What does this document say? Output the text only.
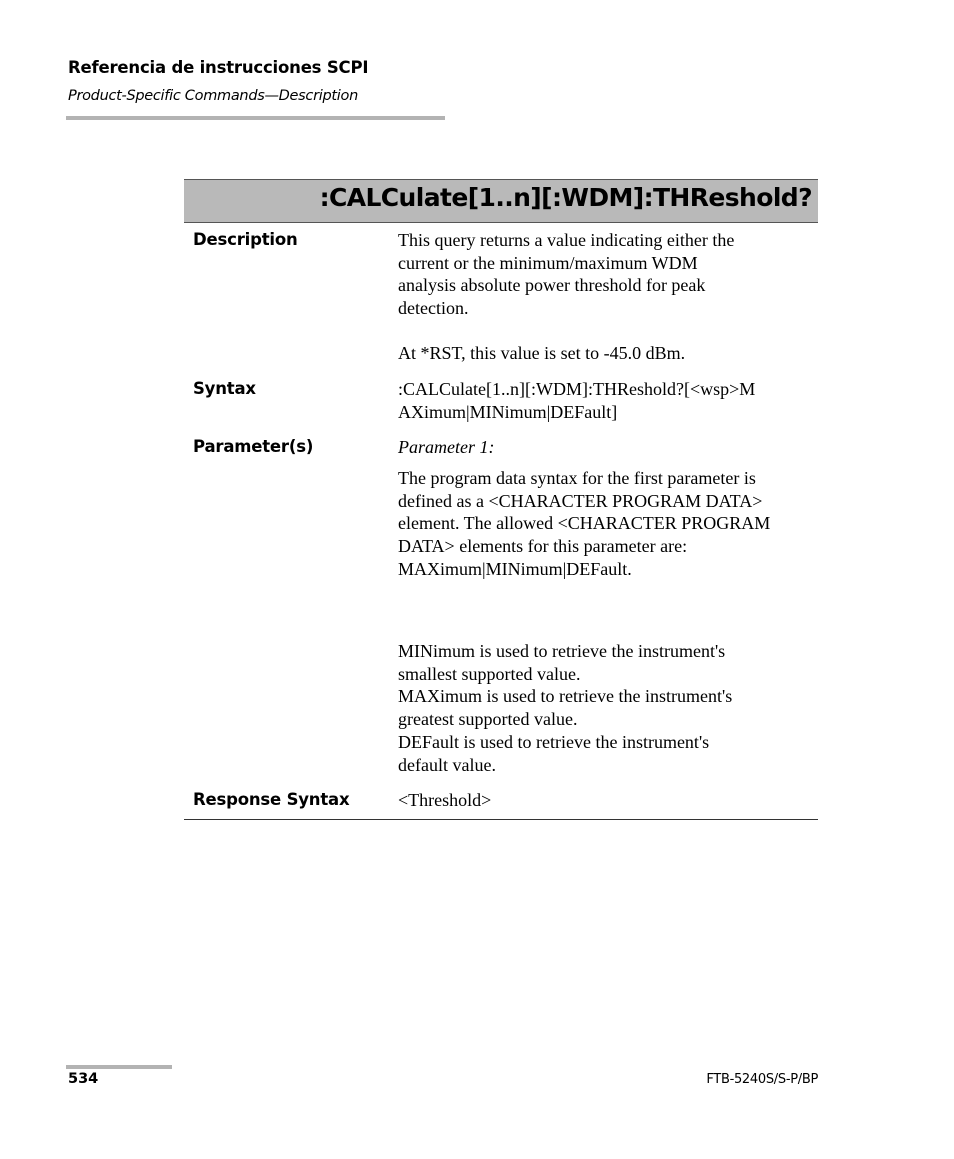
Referencia de instrucciones SCPI
Product-Specific Commands—Description
:CALCulate[1..n][:WDM]:THReshold?
Description	This query returns a value indicating either the

current or the minimum/maximum WDM

analysis absolute power threshold for peak

detection.

At *RST, this value is set to -45.0 dBm.
Syntax	:CALCulate[1..n][:WDM]:THReshold?[<wsp>M

AXimum|MINimum|DEFault]

Parameter(s)	Parameter 1:

The program data syntax for the first parameter is

defined as a <CHARACTER PROGRAM DATA>

element. The allowed <CHARACTER PROGRAM

DATA> elements for this parameter are:

MAXimum|MINimum|DEFault.

MINimum is used to retrieve the instrument's

smallest supported value.

MAXimum is used to retrieve the instrument's

greatest supported value.

DEFault is used to retrieve the instrument's

default value.

Response Syntax	<Threshold>
534	FTB-5240S/S-P/BP
